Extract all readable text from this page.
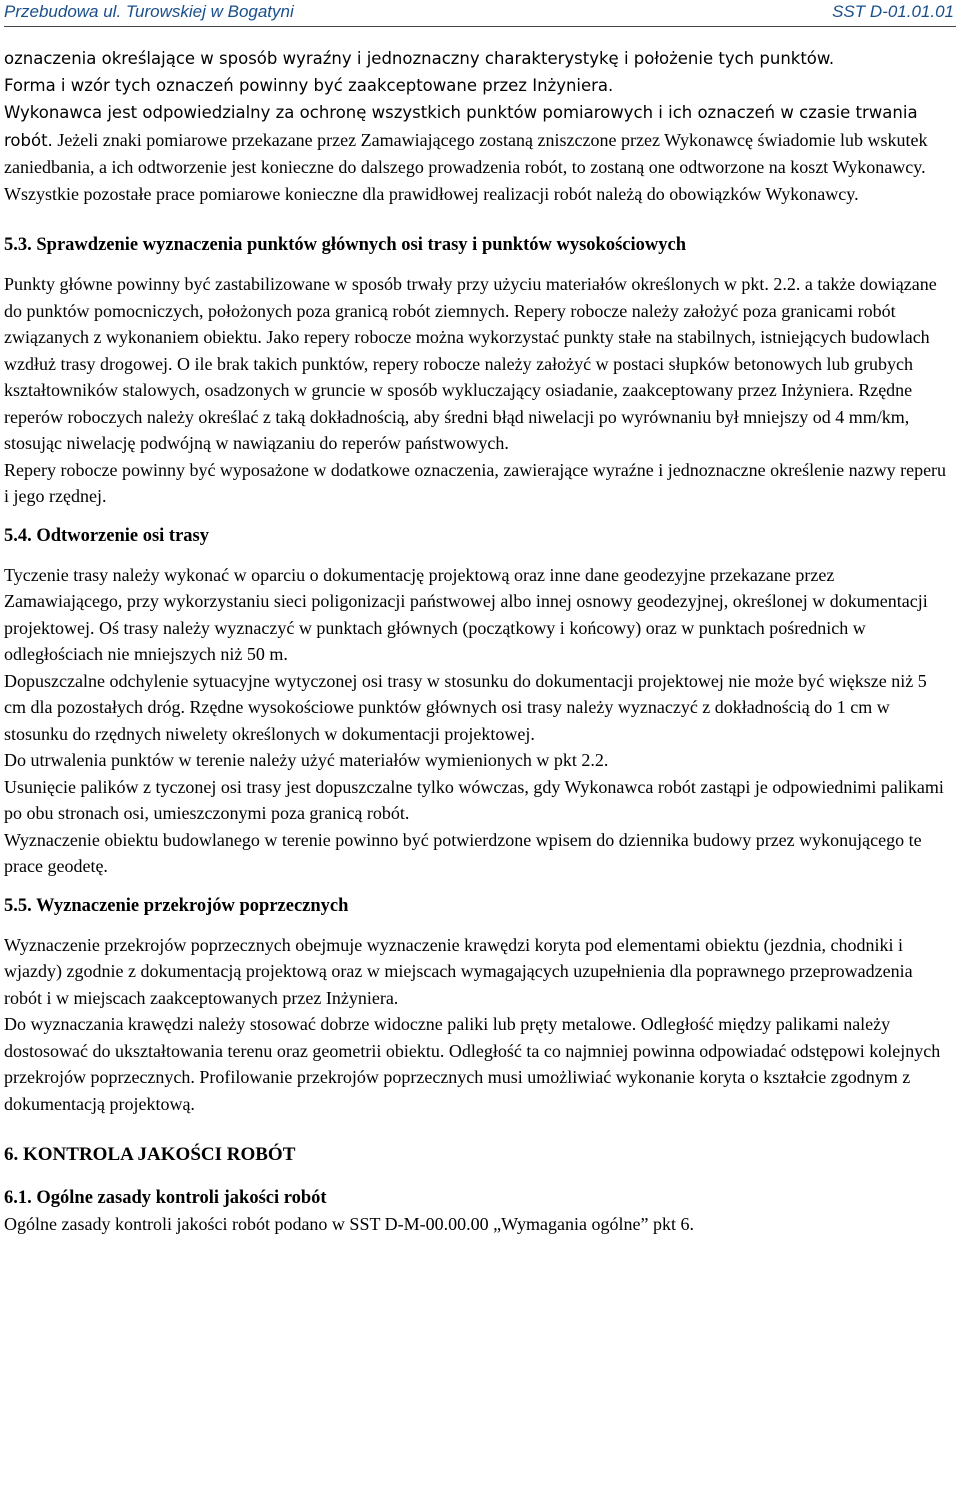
Przebudowa ul. Turowskiej w Bogatyni	SST D-01.01.01

oznaczenia określające w sposób wyraźny i jednoznaczny charakterystykę i położenie tych punktów.

Forma i wzór tych oznaczeń powinny być zaakceptowane przez Inżyniera.

Wykonawca jest odpowiedzialny za ochronę wszystkich punktów pomiarowych i ich oznaczeń w czasie trwania robót. Jeżeli znaki pomiarowe przekazane przez Zamawiającego zostaną zniszczone przez Wykonawcę świadomie lub wskutek zaniedbania, a ich odtworzenie jest konieczne do dalszego prowadzenia robót, to zostaną one odtworzone na koszt Wykonawcy.

Wszystkie pozostałe prace pomiarowe konieczne dla prawidłowej realizacji robót należą do obowiązków Wykonawcy.

5.3. Sprawdzenie wyznaczenia punktów głównych osi trasy i punktów wysokościowych

Punkty główne powinny być zastabilizowane w sposób trwały przy użyciu materiałów określonych w pkt. 2.2. a także dowiązane do punktów pomocniczych, położonych poza granicą robót ziemnych. Repery robocze należy założyć poza granicami robót związanych z wykonaniem obiektu. Jako repery robocze można wykorzystać punkty stałe na stabilnych, istniejących budowlach wzdłuż trasy drogowej. O ile brak takich punktów, repery robocze należy założyć w postaci słupków betonowych lub grubych kształtowników stalowych, osadzonych w gruncie w sposób wykluczający osiadanie, zaakceptowany przez Inżyniera. Rzędne reperów roboczych należy określać z taką dokładnością, aby średni błąd niwelacji po wyrównaniu był mniejszy od 4 mm/km, stosując niwelację podwójną w nawiązaniu do reperów państwowych.

Repery robocze powinny być wyposażone w dodatkowe oznaczenia, zawierające wyraźne i jednoznaczne określenie nazwy reperu i jego rzędnej.

5.4. Odtworzenie osi trasy

Tyczenie trasy należy wykonać w oparciu o dokumentację projektową oraz inne dane geodezyjne przekazane przez Zamawiającego, przy wykorzystaniu sieci poligonizacji państwowej albo innej osnowy geodezyjnej, określonej w dokumentacji projektowej. Oś trasy należy wyznaczyć w punktach głównych (początkowy i końcowy) oraz w punktach pośrednich w odległościach nie mniejszych niż 50 m.

Dopuszczalne odchylenie sytuacyjne wytyczonej osi trasy w stosunku do dokumentacji projektowej nie może być większe niż 5 cm dla pozostałych dróg. Rzędne wysokościowe punktów głównych osi trasy należy wyznaczyć z dokładnością do 1 cm w stosunku do rzędnych niwelety określonych w dokumentacji projektowej.

Do utrwalenia punktów w terenie należy użyć materiałów wymienionych w pkt 2.2.

Usunięcie palików z tyczonej osi trasy jest dopuszczalne tylko wówczas, gdy Wykonawca robót zastąpi je odpowiednimi palikami po obu stronach osi, umieszczonymi poza granicą robót.

Wyznaczenie obiektu budowlanego w terenie powinno być potwierdzone wpisem do dziennika budowy przez wykonującego te prace geodetę.

5.5. Wyznaczenie przekrojów poprzecznych

Wyznaczenie przekrojów poprzecznych obejmuje wyznaczenie krawędzi koryta pod elementami obiektu (jezdnia, chodniki i wjazdy) zgodnie z dokumentacją projektową oraz w miejscach wymagających uzupełnienia dla poprawnego przeprowadzenia robót i w miejscach zaakceptowanych przez Inżyniera.

Do wyznaczania krawędzi należy stosować dobrze widoczne paliki lub pręty metalowe. Odległość między palikami należy dostosować do ukształtowania terenu oraz geometrii obiektu. Odległość ta co najmniej powinna odpowiadać odstępowi kolejnych przekrojów poprzecznych. Profilowanie przekrojów poprzecznych musi umożliwiać wykonanie koryta o kształcie zgodnym z dokumentacją projektową.

6. KONTROLA JAKOŚCI ROBÓT
6.1. Ogólne zasady kontroli jakości robót

Ogólne zasady kontroli jakości robót podano w SST D-M-00.00.00 „Wymagania ogólne” pkt 6.
